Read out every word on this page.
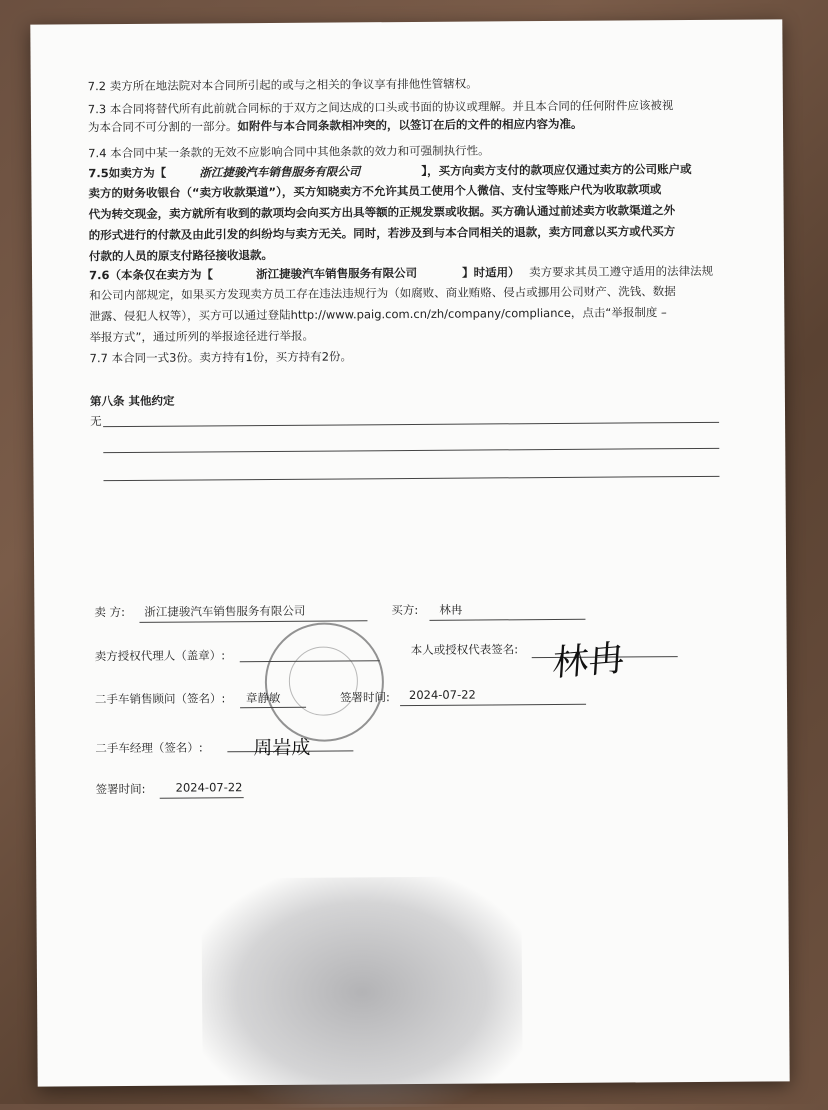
7.2 卖方所在地法院对本合同所引起的或与之相关的争议享有排他性管辖权。
7.3 本合同将替代所有此前就合同标的于双方之间达成的口头或书面的协议或理解。并且本合同的任何附件应该被视
为本合同不可分割的一部分。如附件与本合同条款相冲突的，以签订在后的文件的相应内容为准。
7.4 本合同中某一条款的无效不应影响合同中其他条款的效力和可强制执行性。
7.5如卖方为【	浙江捷骏汽车销售服务有限公司	】，买方向卖方支付的款项应仅通过卖方的公司账户或
卖方的财务收银台（“卖方收款渠道”），买方知晓卖方不允许其员工使用个人微信、支付宝等账户代为收取款项或
代为转交现金，卖方就所有收到的款项均会向买方出具等额的正规发票或收据。买方确认通过前述卖方收款渠道之外
的形式进行的付款及由此引发的纠纷均与卖方无关。同时，若涉及到与本合同相关的退款，卖方同意以买方或代买方
付款的人员的原支付路径接收退款。
7.6（本条仅在卖方为【	浙江捷骏汽车销售服务有限公司	】时适用） 卖方要求其员工遵守适用的法律法规
和公司内部规定，如果买方发现卖方员工存在违法违规行为（如腐败、商业贿赂、侵占或挪用公司财产、洗钱、数据
泄露、侵犯人权等），买方可以通过登陆http://www.paig.com.cn/zh/company/compliance，点击“举报制度 –
举报方式”，通过所列的举报途径进行举报。
7.7 本合同一式3份。卖方持有1份，买方持有2份。
第八条 其他约定
无
卖 方: 浙江捷骏汽车销售服务有限公司	买方: 林冉
卖方授权代理人（盖章）:	本人或授权代表签名: 林冉
二手车销售顾问（签名）: 章静敏	签署时间: 2024-07-22
二手车经理（签名）:	周岩成
签署时间:	2024-07-22
